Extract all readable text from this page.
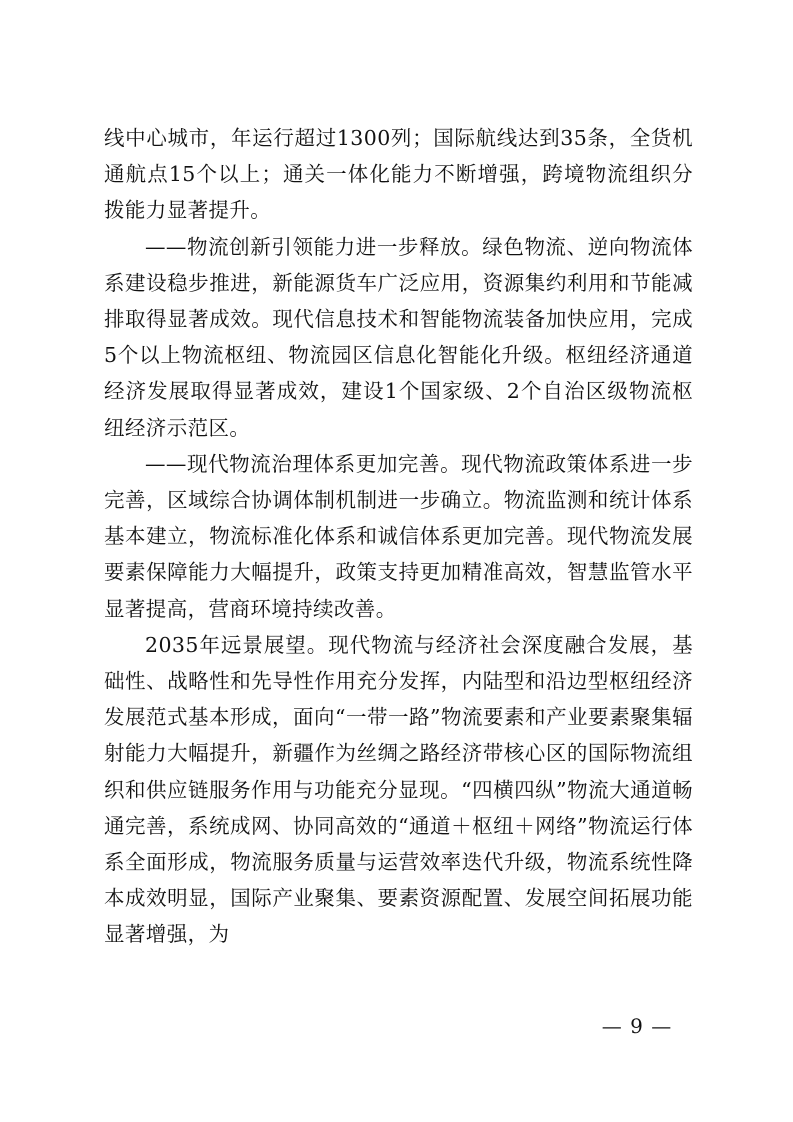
线中心城市，年运行超过1300列；国际航线达到35条，全货机通航点15个以上；通关一体化能力不断增强，跨境物流组织分拨能力显著提升。

——物流创新引领能力进一步释放。绿色物流、逆向物流体系建设稳步推进，新能源货车广泛应用，资源集约利用和节能减排取得显著成效。现代信息技术和智能物流装备加快应用，完成5个以上物流枢纽、物流园区信息化智能化升级。枢纽经济通道经济发展取得显著成效，建设1个国家级、2个自治区级物流枢纽经济示范区。

——现代物流治理体系更加完善。现代物流政策体系进一步完善，区域综合协调体制机制进一步确立。物流监测和统计体系基本建立，物流标准化体系和诚信体系更加完善。现代物流发展要素保障能力大幅提升，政策支持更加精准高效，智慧监管水平显著提高，营商环境持续改善。

2035年远景展望。现代物流与经济社会深度融合发展，基础性、战略性和先导性作用充分发挥，内陆型和沿边型枢纽经济发展范式基本形成，面向“一带一路”物流要素和产业要素聚集辐射能力大幅提升，新疆作为丝绸之路经济带核心区的国际物流组织和供应链服务作用与功能充分显现。“四横四纵”物流大通道畅通完善，系统成网、协同高效的“通道＋枢纽＋网络”物流运行体系全面形成，物流服务质量与运营效率迭代升级，物流系统性降本成效明显，国际产业聚集、要素资源配置、发展空间拓展功能显著增强，为

— 9 —
